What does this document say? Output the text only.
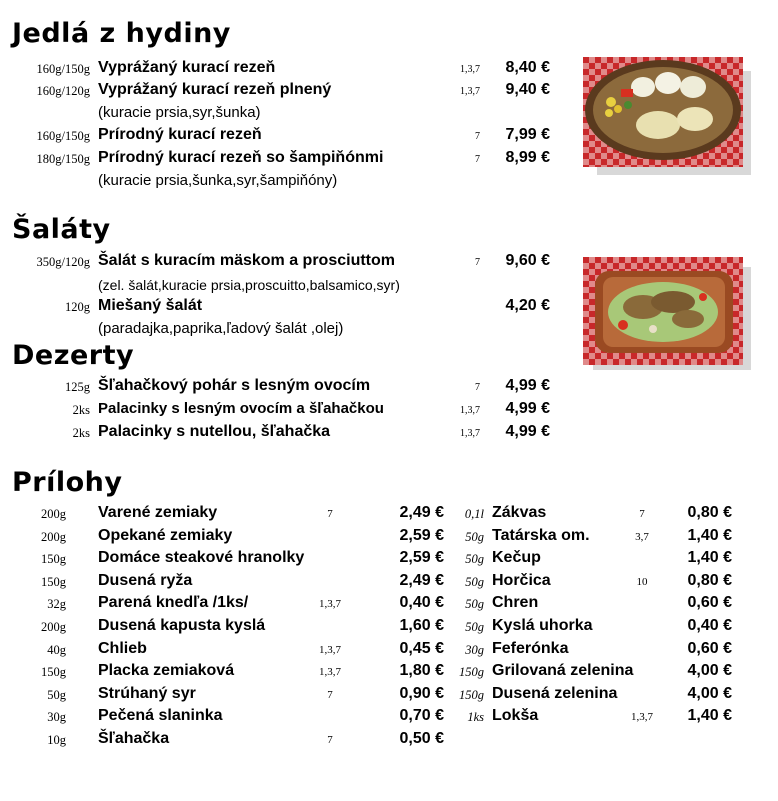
Jedlá z hydiny
160g/150g Vyprážaný kurací rezeň	1,3,7	8,40 €
160g/120g Vyprážaný kurací rezeň plnený	1,3,7	9,40 €
(kuracie prsia,syr,šunka)
160g/150g Prírodný kurací rezeň	7	7,99 €
180g/150g Prírodný kurací rezeň so šampiňónmi	7	8,99 €
(kuracie prsia,šunka,syr,šampiňóny)
Šaláty
350g/120g Šalát s kuracím mäskom a prosciuttom	7	9,60 €
(zel. šalát,kuracie prsia,proscuitto,balsamico,syr)
120g Miešaný šalát	4,20 €
(paradajka,paprika,ľadový šalát ,olej)
Dezerty
125g Šľahačkový pohár s lesným ovocím	7	4,99 €
2ks Palacinky s lesným ovocím a šľahačkou	1,3,7	4,99 €
2ks Palacinky s nutellou, šľahačka	1,3,7	4,99 €
Prílohy
200g Varené zemiaky	7	2,49 €
200g Opekané zemiaky	2,59 €
150g Domáce steakové hranolky	2,59 €
150g Dusená ryža	2,49 €
32g Parená knedľa /1ks/	1,3,7	0,40 €
200g Dusená kapusta kyslá	1,60 €
40g Chlieb	1,3,7	0,45 €
150g Placka zemiaková	1,3,7	1,80 €
50g Strúhaný syr	7	0,90 €
30g Pečená slaninka	0,70 €
10g Šľahačka	7	0,50 €
0,1l Zákvas	7	0,80 €
50g Tatárska om.	3,7	1,40 €
50g Kečup	1,40 €
50g Horčica	10	0,80 €
50g Chren	0,60 €
50g Kyslá uhorka	0,40 €
30g Feferónka	0,60 €
150g Grilovaná zelenina	4,00 €
150g Dusená zelenina	4,00 €
1ks Lokša	1,3,7	1,40 €
